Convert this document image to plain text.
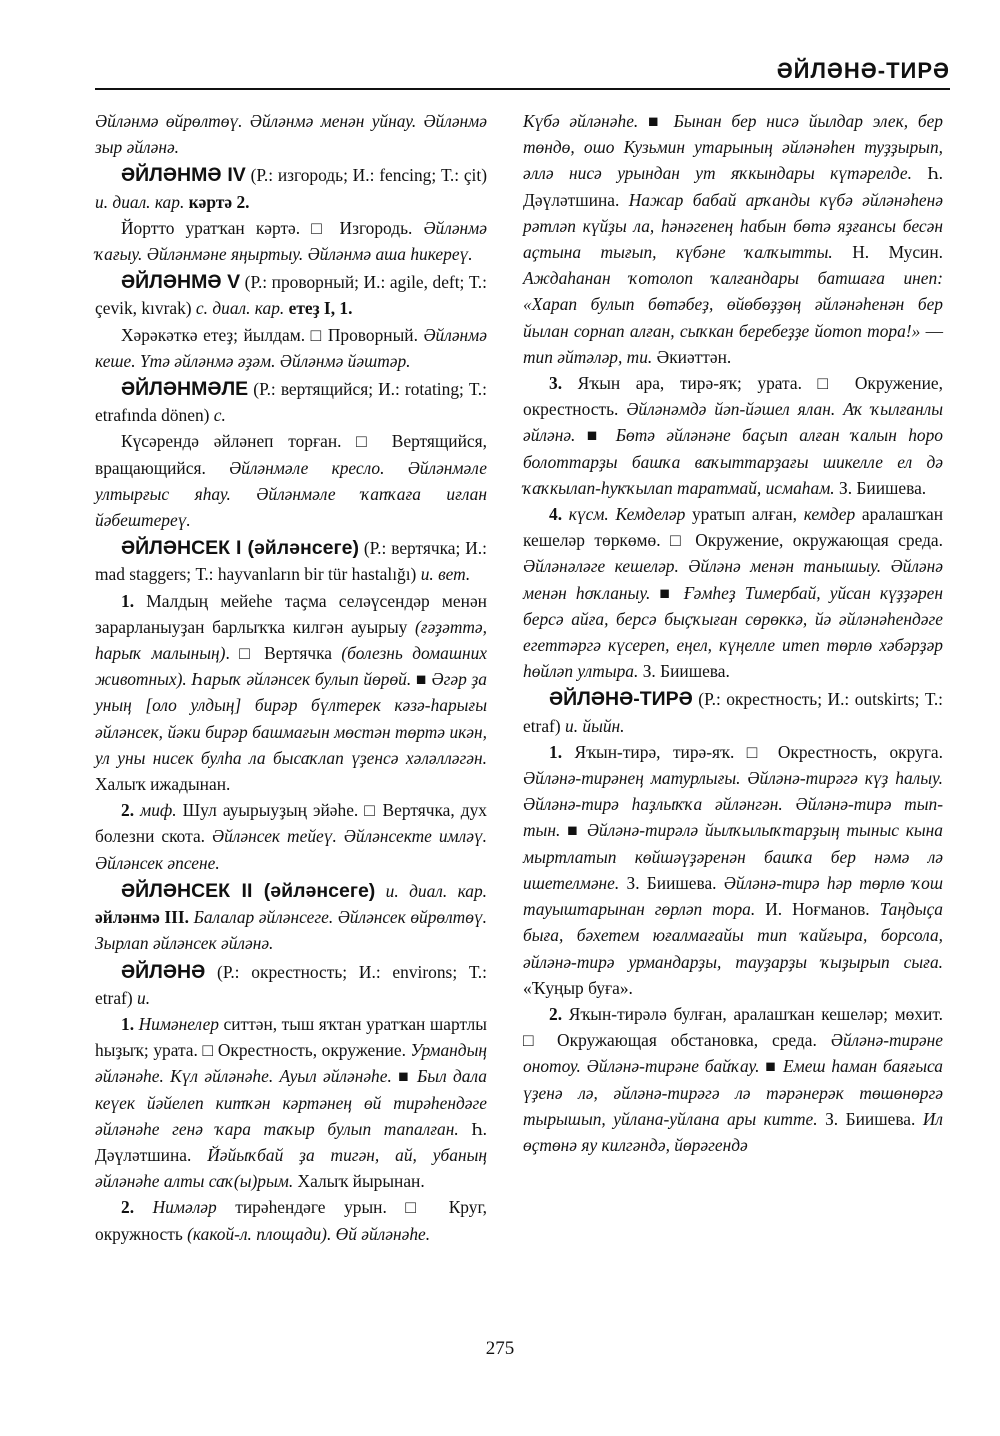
ӘЙЛӘНӘ-ТИРӘ

Әйләнмә өйрөлтөү. Әйләнмә менән уйнау. Әйләнмә зыр әйләнә.

ӘЙЛӘНМӘ IV (Р.: изгородь; И.: fencing; Т.: çit) и. диал. кар. кәртә 2.

Йортто уратҡан кәртә. □ Изгородь. Әйләнмә ҡағыу. Әйләнмәне яңыртыу. Әйләнмә аша һикереү.

ӘЙЛӘНМӘ V (Р.: проворный; И.: agile, deft; Т.: çevik, kıvrak) с. диал. кар. етеҙ I, 1.

Хәрәкәткә етеҙ; йылдам. □ Проворный. Әйләнмә кеше. Үтә әйләнмә әҙәм. Әйләнмә йәштәр.

ӘЙЛӘНМӘЛЕ (Р.: вертящийся; И.: rotating; Т.: etrafında dönen) с.

Күсәрендә әйләнеп торған. □ Вертящийся, вращающийся. Әйләнмәле кресло. Әйләнмәле ултырғыс яһау. Әйләнмәле ҡапҡаға иғлан йәбештереү.

ӘЙЛӘНСЕК I (әйләнсеге) (Р.: вертячка; И.: mad staggers; Т.: hayvanların bir tür hastalığı) и. вет.

1. Малдың мейеһе таҫма селәүсендәр менән зарарланыуҙан барлыҡҡа килгән ауырыу (ғәҙәттә, һарыҡ малының). □ Вертячка (болезнь домашних животных). Һарыҡ әйләнсек булып йөрөй. ■ Әгәр ҙа уның [оло улдың] бирәр бүлтерек кәзә-һарығы әйләнсек, йәки бирәр башмағын мөстән төртә икән, ул уны нисек булһа ла бысаҡлап үҙенсә хәләлләгән. Халыҡ ижадынан.

2. миф. Шул ауырыуҙың эйәһе. □ Вертячка, дух болезни скота. Әйләнсек тейеү. Әйләнсекте имләү. Әйләнсек әпсене.

ӘЙЛӘНСЕК II (әйләнсеге) и. диал. кар. әйләнмә III. Балалар әйләнсеге. Әйләнсек өйрөлтөү. Зырлап әйләнсек әйләнә.

ӘЙЛӘНӘ (Р.: окрестность; И.: environs; Т.: etraf) и.

1. Нимәнелер ситтән, тыш яҡтан уратҡан шартлы һыҙыҡ; урата. □ Окрестность, окружение. Урмандың әйләнәһе. Күл әйләнәһе. Ауыл әйләнәһе. ■ Был дала кеүек йәйелеп китҡән кәртәнең өй тирәһендәге әйләнәһе генә ҡара таҡыр булып тапалған. Һ. Дәүләтшина. Йәйыҡбай ҙа тигән, ай, убаның әйләнәһе алты саҡ(ы)рым. Халыҡ йырынан.

2. Нимәләр тирәһендәге урын. □ Круг, окружность (какой-л. площади). Өй әйләнәһе.

Күбә әйләнәһе. ■ Бынан бер нисә йылдар элек, бер төндө, ошо Кузьмин утарының әйләнәһен туҙҙырып, әллә нисә урындан ут яҡкындары күтәрелде. Һ. Дәүләтшина. Нажар бабай арҡанды күбә әйләнәһенә рәтләп күйҙы ла, һәнәгенең һабын бөтә яҙғансы бесән аҫтына тығып, күбәне ҡалҡытты. Н. Мусин. Аждаһанан ҡотолоп ҡалғандары батшаға инеп: «Харап булып бөтәбеҙ, өйөбөҙҙөң әйләнәһенән бер йылан сорнап алған, сыҡкан беребеҙҙе йотоп тора!» — тип әйтәләр, ти. Әкиәттән.

3. Яҡын ара, тирә-яҡ; урата. □ Окружение, окрестность. Әйләнәмдә йәп-йәшел ялан. Аҡ ҡылғанлы әйләнә. ■ Бөтә әйләнәне баҫып алған ҡалын һоро болоттарҙы башҡа ваҡыттарҙағы шикелле ел дә ҡаҡкылап-һуҡҡылап таратмай, исмаһам. З. Биишева.

4. күсм. Кемделәр уратып алған, кемдер аралашҡан кешеләр төркөмө. □ Окружение, окружающая среда. Әйләнәләге кешеләр. Әйләнә менән танышыу. Әйләнә менән һоҡланыу. ■ Ғәмһеҙ Тимербай, уйсан күҙҙәрен берсә айға, берсә быҫҡыған сөрөккә, йә әйләнәһендәге егеттәргә күсереп, еңел, күңелле итеп төрлө хәбәрҙәр һөйләп ултыра. З. Биишева.

ӘЙЛӘНӘ-ТИРӘ (Р.: окрестность; И.: outskirts; Т.: etraf) и. йыйн.

1. Яҡын-тирә, тирә-яҡ. □ Окрестность, округа. Әйләнә-тирәнең матурлығы. Әйләнә-тирәгә күҙ һалыу. Әйләнә-тирә һаҙлыҡҡа әйләнгән. Әйләнә-тирә тып-тын. ■ Әйләнә-тирәлә йылҡылыҡтарҙың тыныс кына мыртлатып көйшәүҙәренән башҡа бер нәмә лә ишетелмәне. З. Биишева. Әйләнә-тирә һәр төрлө ҡош тауыштарынан гөрләп тора. И. Ноғманов. Таңдыҫа быға, бәхетем юғалмағайы тип ҡайғыра, борсола, әйләнә-тирә урмандарҙы, тауҙарҙы ҡыҙырып сыға. «Ҡуңыр буға».

2. Яҡын-тирәлә булған, аралашҡан кешеләр; мөхит. □ Окружающая обстановка, среда. Әйләнә-тирәне онотоу. Әйләнә-тирәне байҡау. ■ Емеш һаман баяғыса үҙенә лә, әйләнә-тирәгә лә тәрәнерәк төшөнөргә тырышып, уйлана-уйлана ары китте. З. Биишева. Ил өҫтөнә яу килгәндә, йөрәгендә

275
